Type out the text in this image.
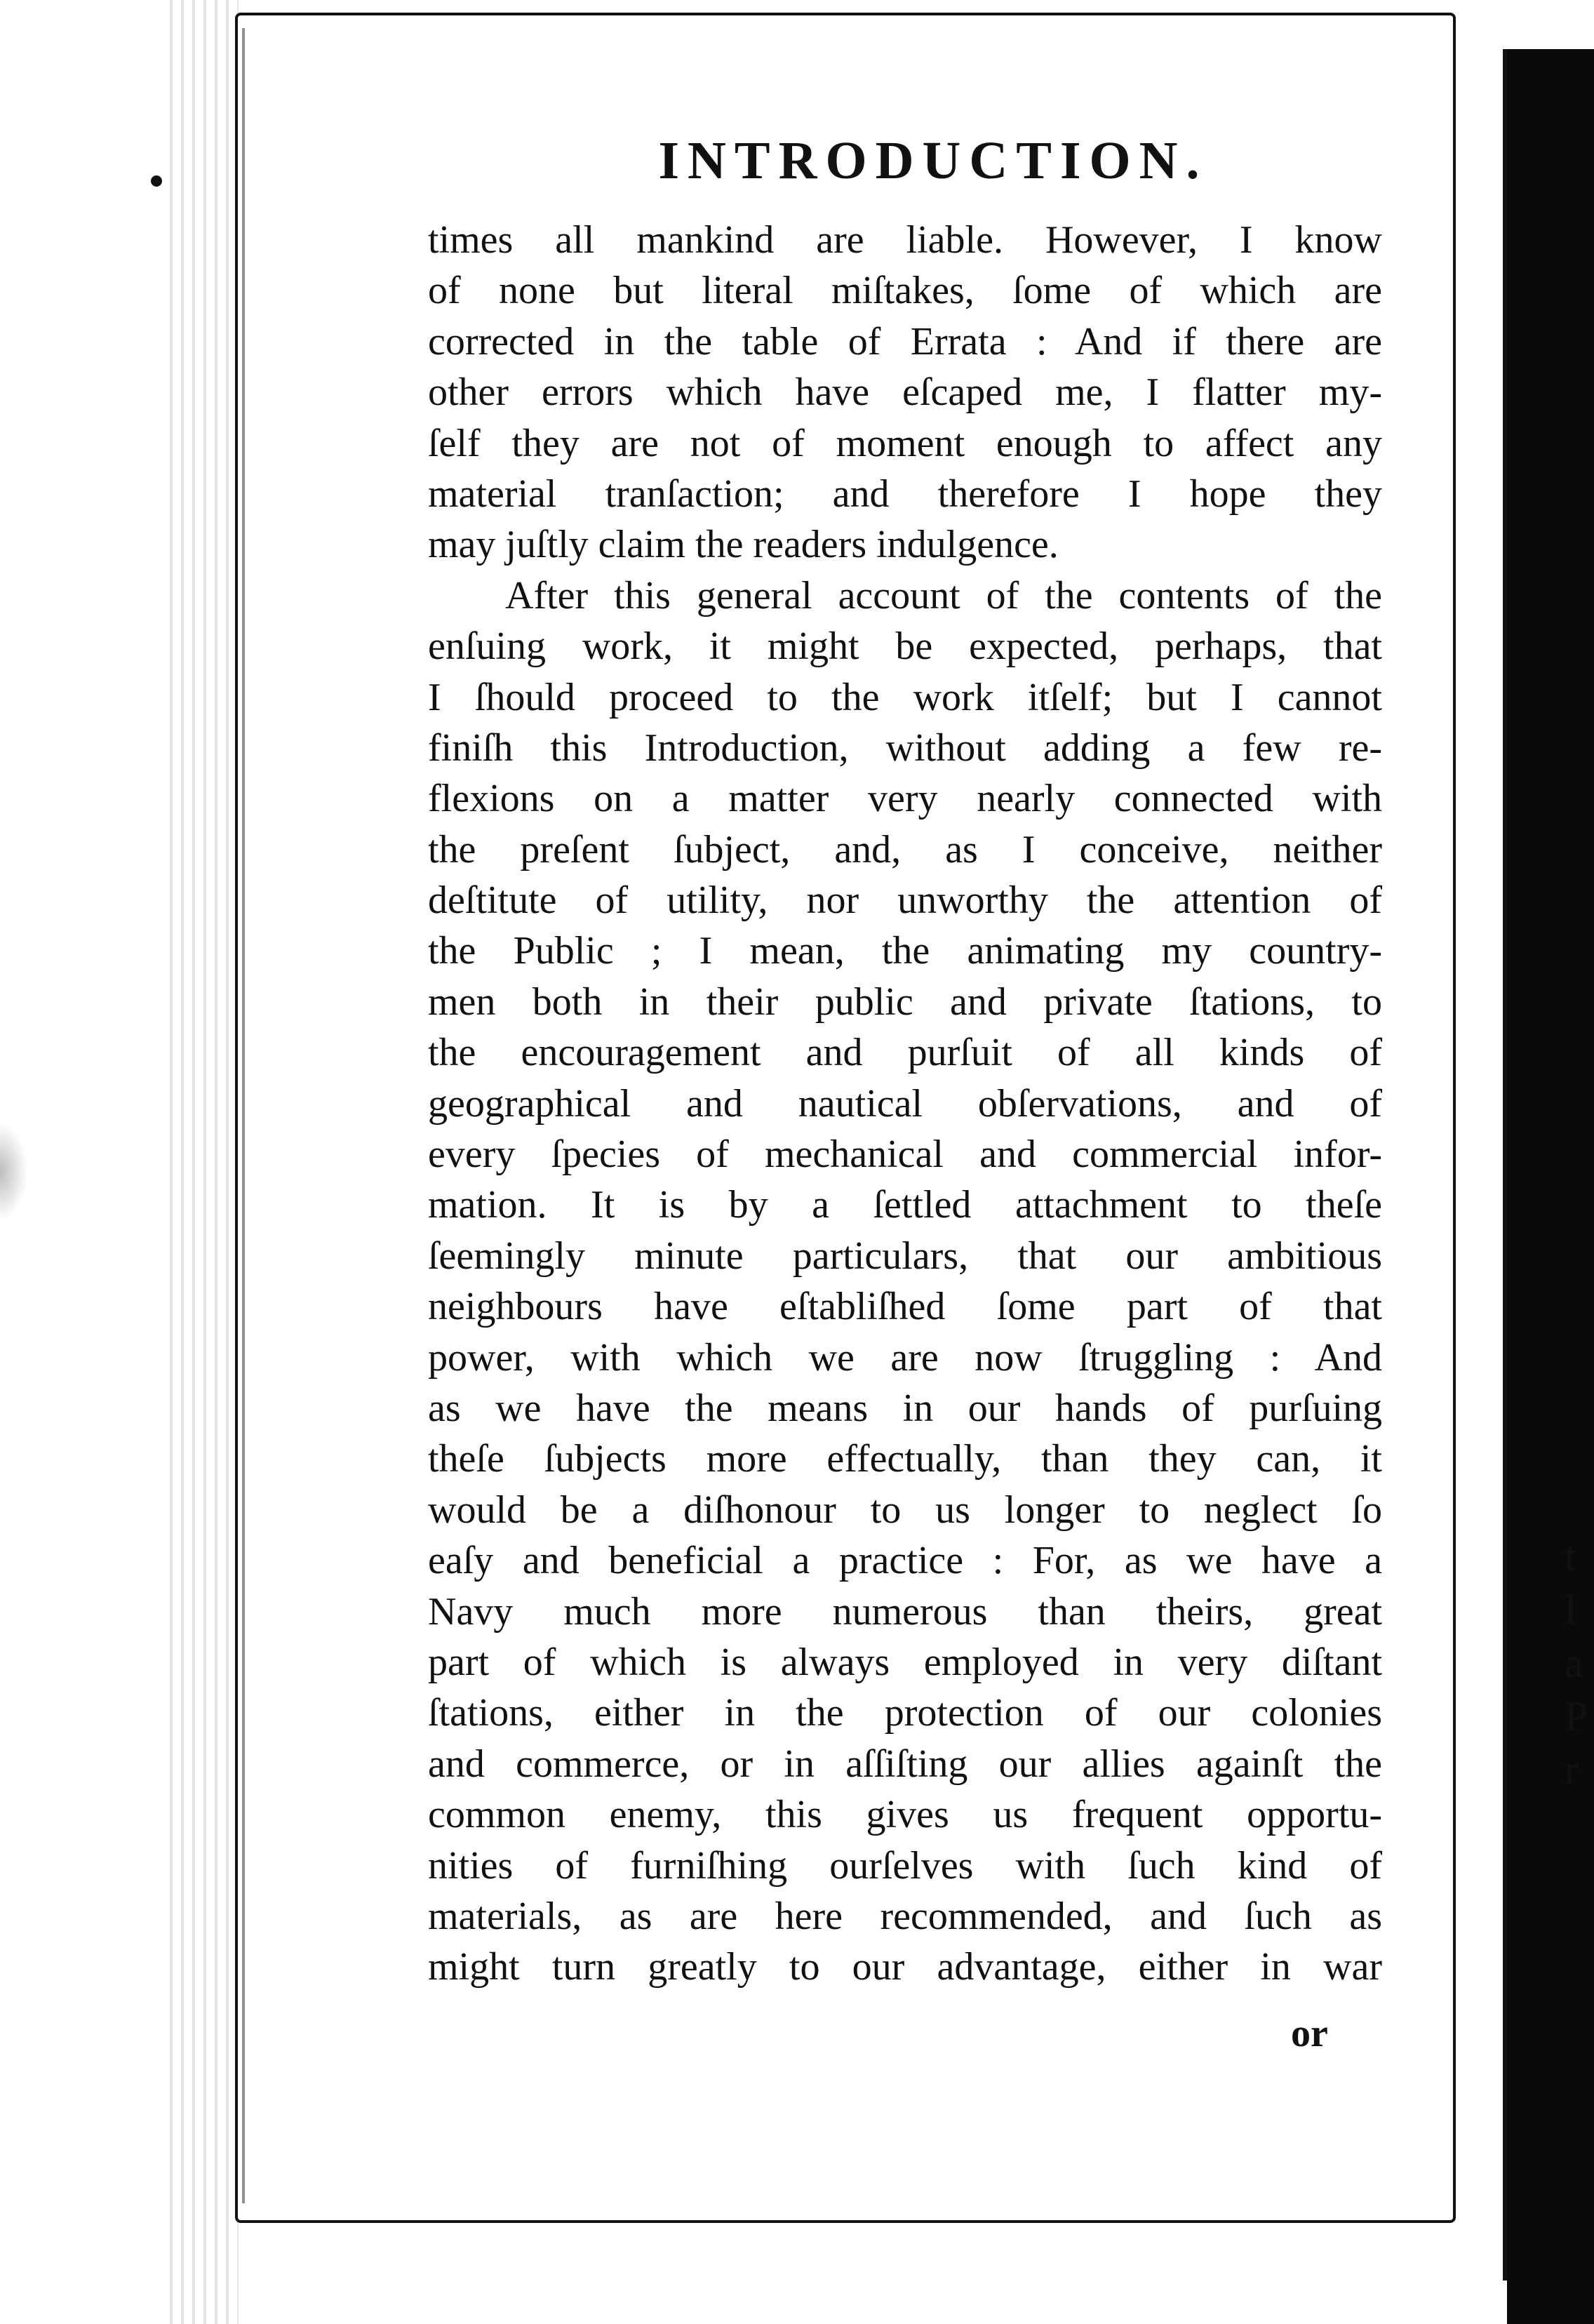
t
l
a
P
r
INTRODUCTION.
times all mankind are liable. However, I know
of none but literal miſtakes, ſome of which are
corrected in the table of Errata : And if there are
other errors which have eſcaped me, I flatter my-
ſelf they are not of moment enough to affect any
material tranſaction; and therefore I hope they
may juſtly claim the readers indulgence.
After this general account of the contents of the
enſuing work, it might be expected, perhaps, that
I ſhould proceed to the work itſelf; but I cannot
finiſh this Introduction, without adding a few re-
flexions on a matter very nearly connected with
the preſent ſubject, and, as I conceive, neither
deſtitute of utility, nor unworthy the attention of
the Public ; I mean, the animating my country-
men both in their public and private ſtations, to
the encouragement and purſuit of all kinds of
geographical and nautical obſervations, and of
every ſpecies of mechanical and commercial infor-
mation. It is by a ſettled attachment to theſe
ſeemingly minute particulars, that our ambitious
neighbours have eſtabliſhed ſome part of that
power, with which we are now ſtruggling : And
as we have the means in our hands of purſuing
theſe ſubjects more effectually, than they can, it
would be a diſhonour to us longer to neglect ſo
eaſy and beneficial a practice : For, as we have a
Navy much more numerous than theirs, great
part of which is always employed in very diſtant
ſtations, either in the protection of our colonies
and commerce, or in aſſiſting our allies againſt the
common enemy, this gives us frequent opportu-
nities of furniſhing ourſelves with ſuch kind of
materials, as are here recommended, and ſuch as
might turn greatly to our advantage, either in war
or
